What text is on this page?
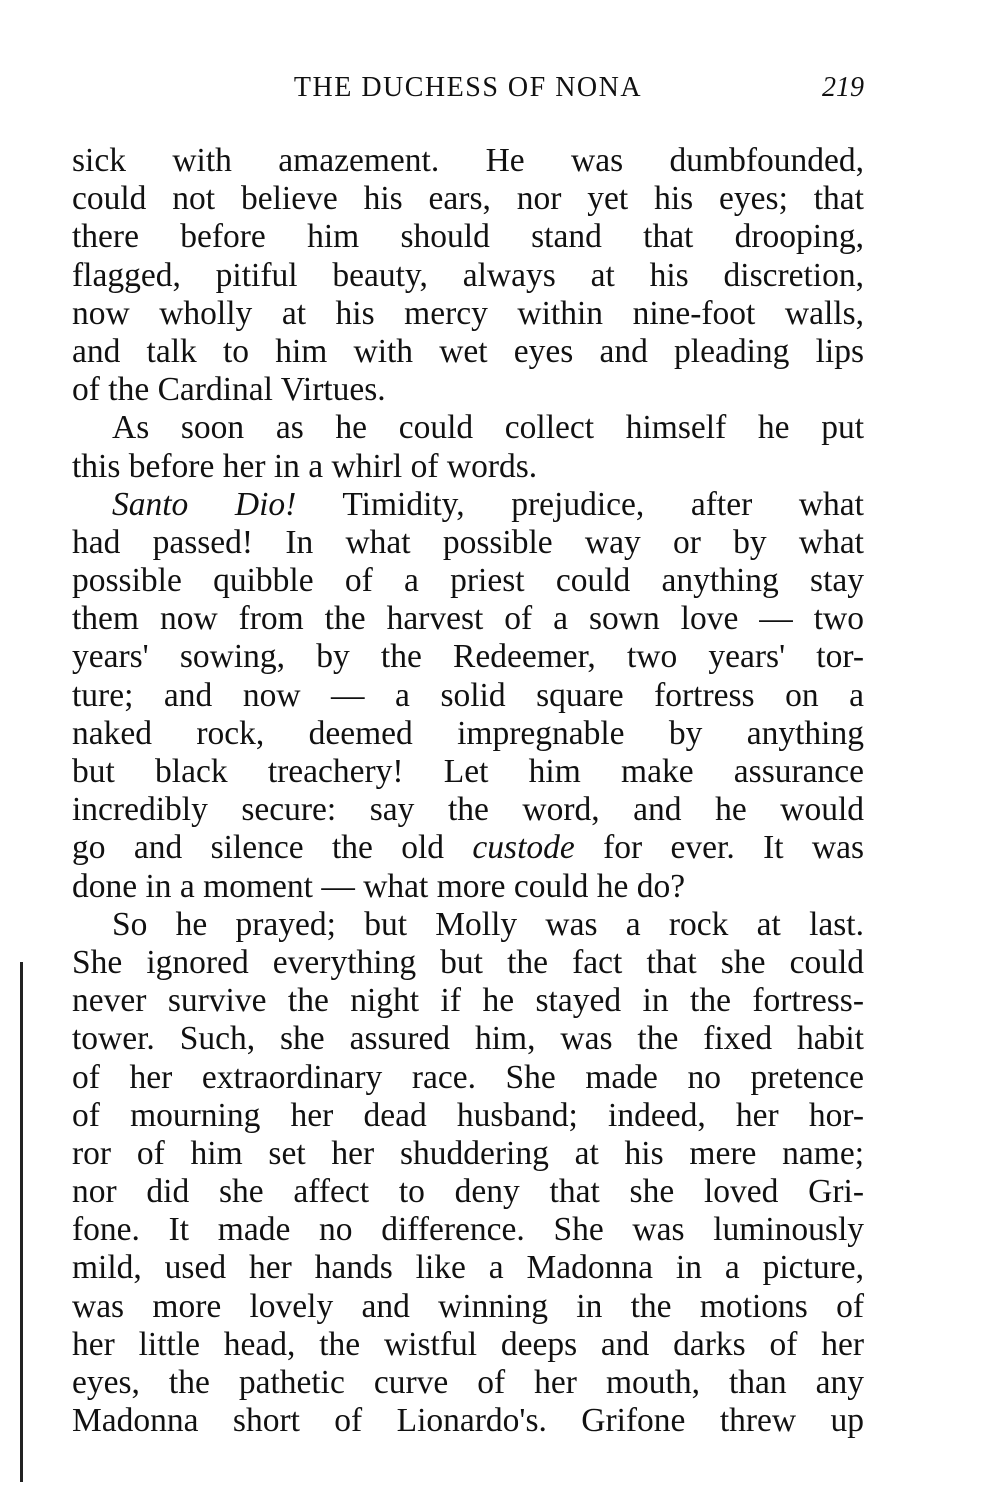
THE DUCHESS OF NONA	219
sick with amazement. He was dumbfounded,
could not believe his ears, nor yet his eyes; that
there before him should stand that drooping,
flagged, pitiful beauty, always at his discretion,
now wholly at his mercy within nine-foot walls,
and talk to him with wet eyes and pleading lips
of the Cardinal Virtues.
As soon as he could collect himself he put
this before her in a whirl of words.
Santo Dio! Timidity, prejudice, after what
had passed! In what possible way or by what
possible quibble of a priest could anything stay
them now from the harvest of a sown love — two
years' sowing, by the Redeemer, two years' tor-
ture; and now — a solid square fortress on a
naked rock, deemed impregnable by anything
but black treachery! Let him make assurance
incredibly secure: say the word, and he would
go and silence the old custode for ever. It was
done in a moment — what more could he do?
So he prayed; but Molly was a rock at last.
She ignored everything but the fact that she could
never survive the night if he stayed in the fortress-
tower. Such, she assured him, was the fixed habit
of her extraordinary race. She made no pretence
of mourning her dead husband; indeed, her hor-
ror of him set her shuddering at his mere name;
nor did she affect to deny that she loved Gri-
fone. It made no difference. She was luminously
mild, used her hands like a Madonna in a picture,
was more lovely and winning in the motions of
her little head, the wistful deeps and darks of her
eyes, the pathetic curve of her mouth, than any
Madonna short of Lionardo's. Grifone threw up
